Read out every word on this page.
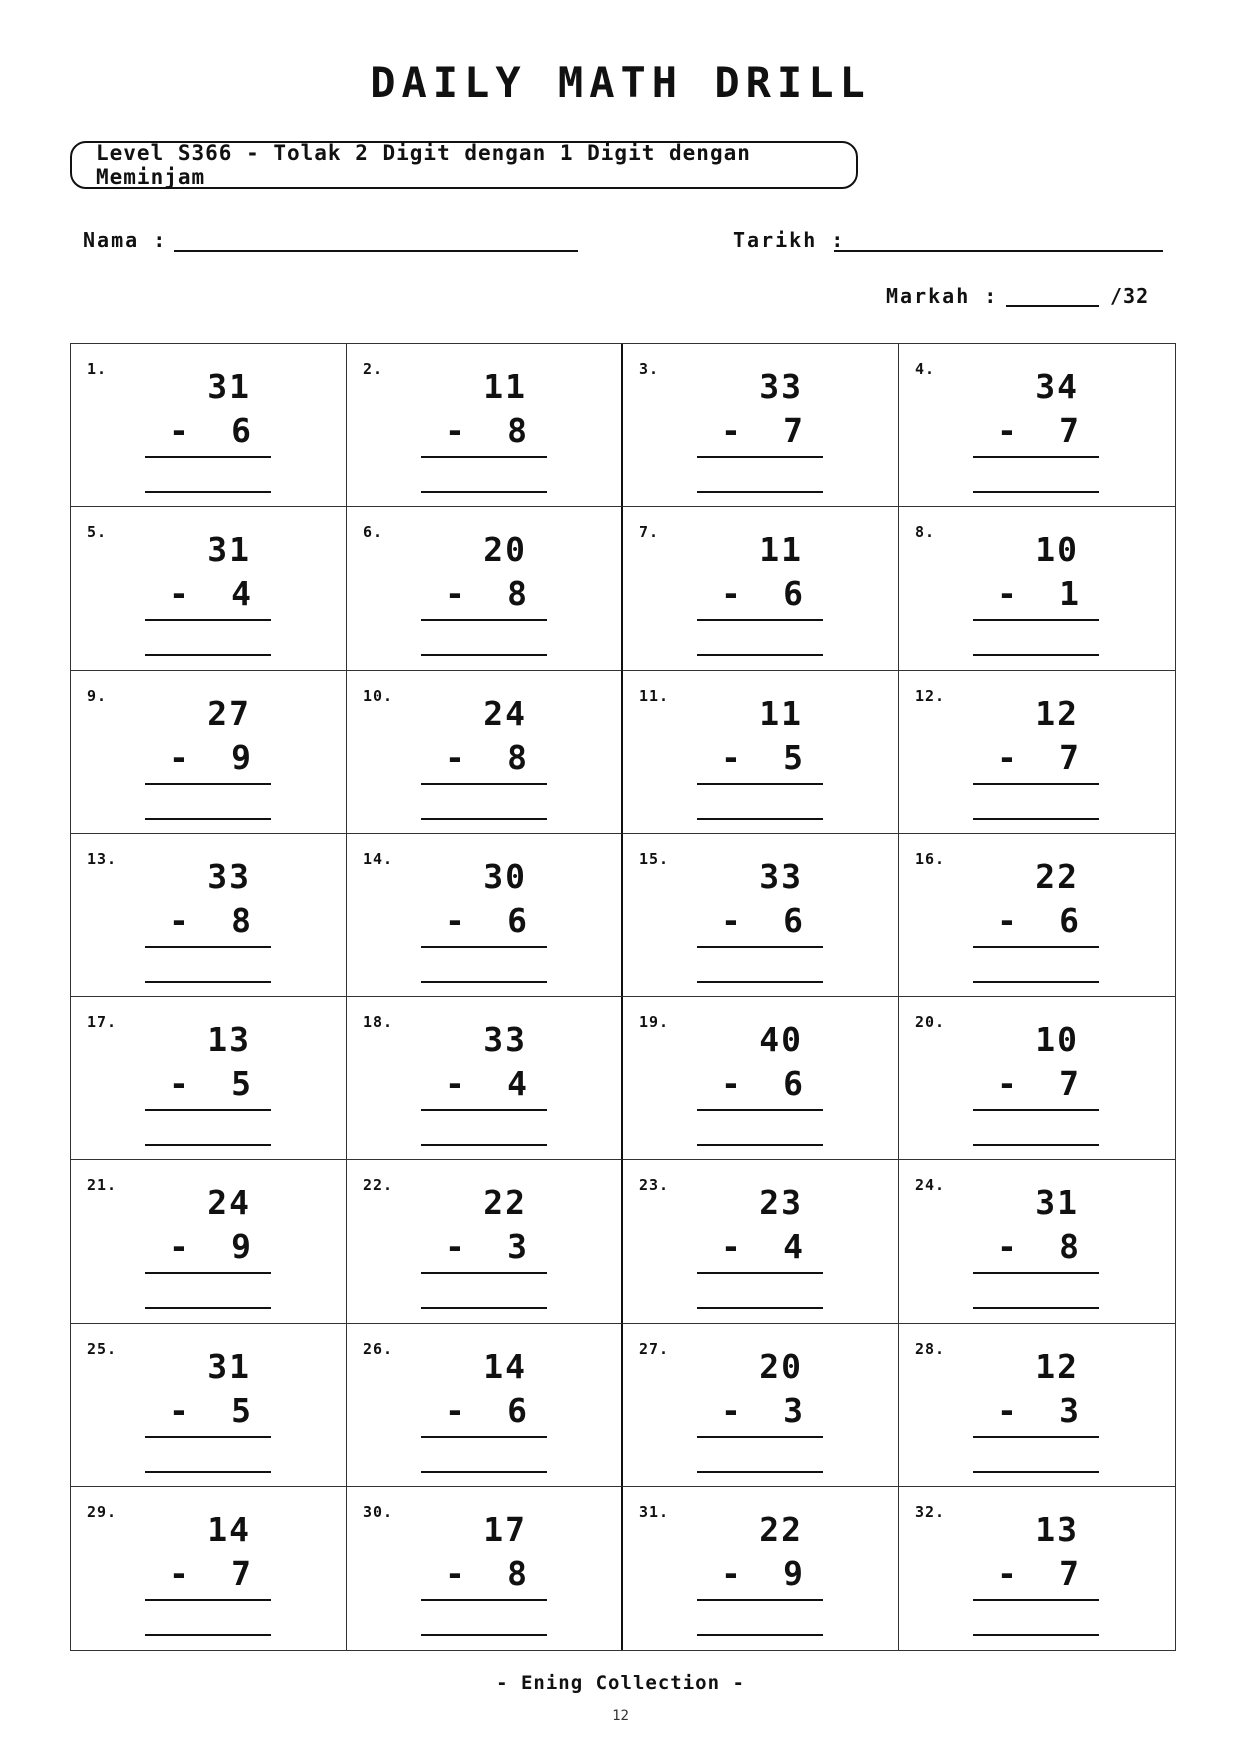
DAILY MATH DRILL
Level S366 - Tolak 2 Digit dengan 1 Digit dengan Meminjam
Nama :	Tarikh :
Markah :	/32
1.	31
- 6
2.	11
- 8
3.	33
- 7
4.	34
- 7
5.	31
- 4
6.	20
- 8
7.	11
- 6
8.	10
- 1
9.	27
- 9
10.	24
- 8
11.	11
- 5
12.	12
- 7
13.	33
- 8
14.	30
- 6
15.	33
- 6
16.	22
- 6
17.	13
- 5
18.	33
- 4
19.	40
- 6
20.	10
- 7
21.	24
- 9
22.	22
- 3
23.	23
- 4
24.	31
- 8
25.	31
- 5
26.	14
- 6
27.	20
- 3
28.	12
- 3
29.	14
- 7
30.	17
- 8
31.	22
- 9
32.	13
- 7
- Ening Collection -
12
